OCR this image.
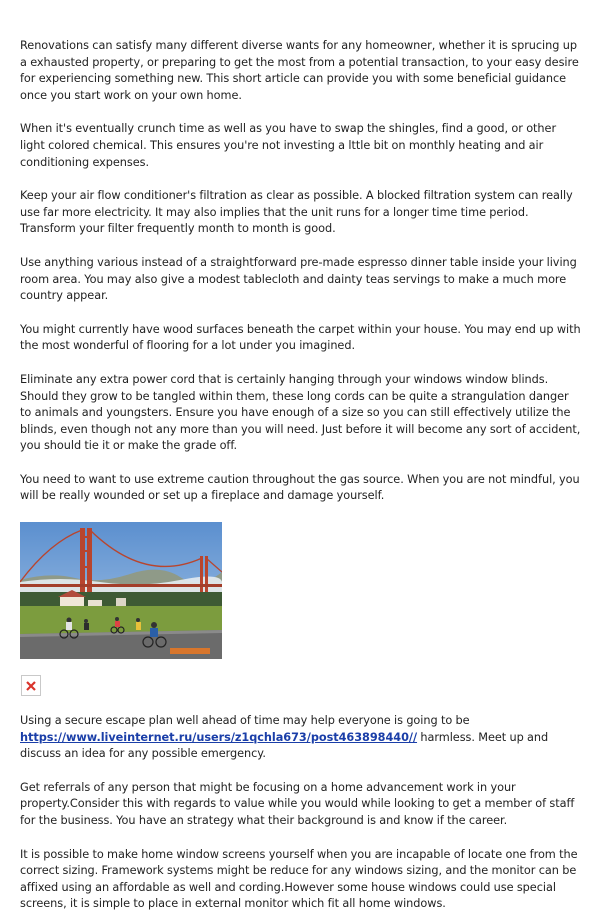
Renovations can satisfy many different diverse wants for any homeowner, whether it is sprucing up a exhausted property, or preparing to get the most from a potential transaction, to your easy desire for experiencing something new. This short article can provide you with some beneficial guidance once you start work on your own home.

When it's eventually crunch time as well as you have to swap the shingles, find a good, or other light colored chemical. This ensures you're not investing a lttle bit on monthly heating and air conditioning expenses.

Keep your air flow conditioner's filtration as clear as possible. A blocked filtration system can really use far more electricity. It may also implies that the unit runs for a longer time time period. Transform your filter frequently month to month is good.

Use anything various instead of a straightforward pre-made espresso dinner table inside your living room area. You may also give a modest tablecloth and dainty teas servings to make a much more country appear.

You might currently have wood surfaces beneath the carpet within your house. You may end up with the most wonderful of flooring for a lot under you imagined.

Eliminate any extra power cord that is certainly hanging through your windows window blinds. Should they grow to be tangled within them, these long cords can be quite a strangulation danger to animals and youngsters. Ensure you have enough of a size so you can still effectively utilize the blinds, even though not any more than you will need. Just before it will become any sort of accident, you should tie it or make the grade off.

You need to want to use extreme caution throughout the gas source. When you are not mindful, you will be really wounded or set up a fireplace and damage yourself.

Using a secure escape plan well ahead of time may help everyone is going to be https://www.liveinternet.ru/users/z1qchla673/post463898440// harmless. Meet up and discuss an idea for any possible emergency.

Get referrals of any person that might be focusing on a home advancement work in your property.Consider this with regards to value while you would while looking to get a member of staff for the business. You have an strategy what their background is and know if the career.

It is possible to make home window screens yourself when you are incapable of locate one from the correct sizing. Framework systems might be reduce for any windows sizing, and the monitor can be affixed using an affordable as well and cording.However some house windows could use special screens, it is simple to place in external monitor which fit all home windows.
